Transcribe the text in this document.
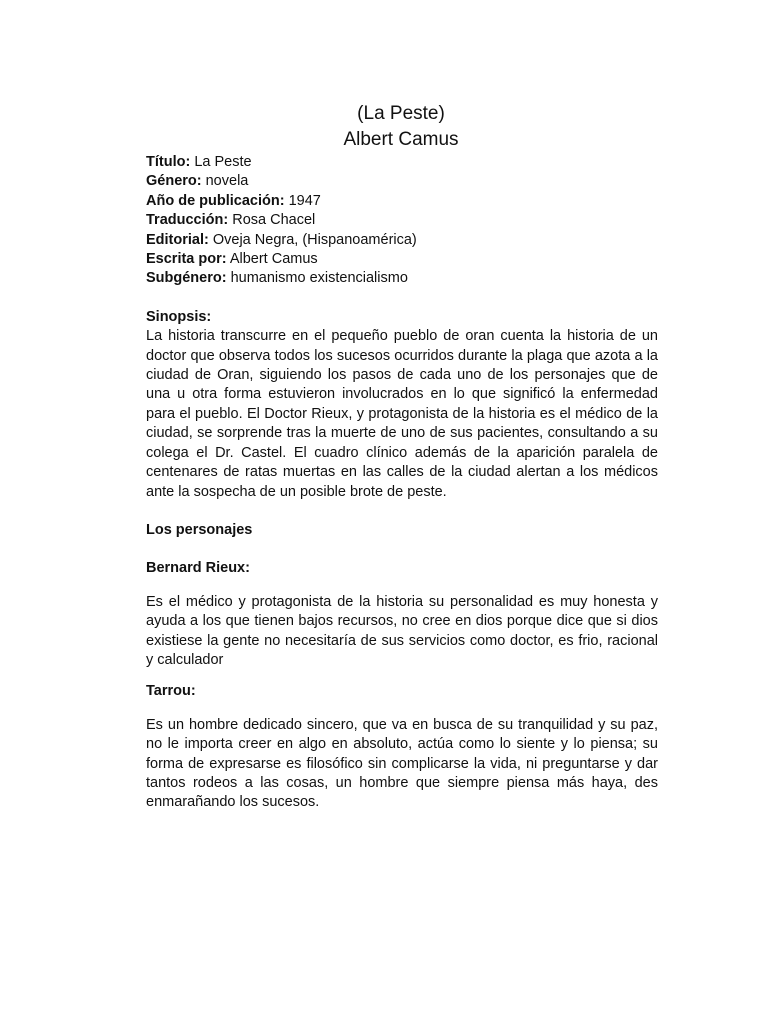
(La Peste)
Albert Camus
Título: La Peste
Género: novela
Año de publicación: 1947
Traducción: Rosa Chacel
Editorial: Oveja Negra, (Hispanoamérica)
Escrita por: Albert Camus
Subgénero: humanismo existencialismo
Sinopsis:
La historia transcurre en el pequeño pueblo de oran cuenta la historia de un doctor que observa todos los sucesos ocurridos durante la plaga que azota a la ciudad de Oran, siguiendo los pasos de cada uno de los personajes que de una u otra forma estuvieron involucrados en lo que significó la enfermedad para el pueblo. El Doctor Rieux, y protagonista de la historia es el médico de la ciudad, se sorprende tras la muerte de uno de sus pacientes, consultando a su colega el Dr. Castel. El cuadro clínico además de la aparición paralela de centenares de ratas muertas en las calles de la ciudad alertan a los médicos ante la sospecha de un posible brote de peste.
Los personajes
Bernard Rieux:
Es el médico y protagonista de la historia su personalidad es muy honesta y ayuda a los que tienen bajos recursos, no cree en dios porque dice que si dios existiese la gente no necesitaría de sus servicios como doctor, es frio, racional y calculador
Tarrou:
Es un hombre dedicado sincero, que va en busca de su tranquilidad y su paz, no le importa creer en algo en absoluto, actúa como lo siente y lo piensa; su forma de expresarse es filosófico sin complicarse la vida, ni preguntarse y dar tantos rodeos a las cosas, un hombre que siempre piensa más haya, des enmarañando los sucesos.
